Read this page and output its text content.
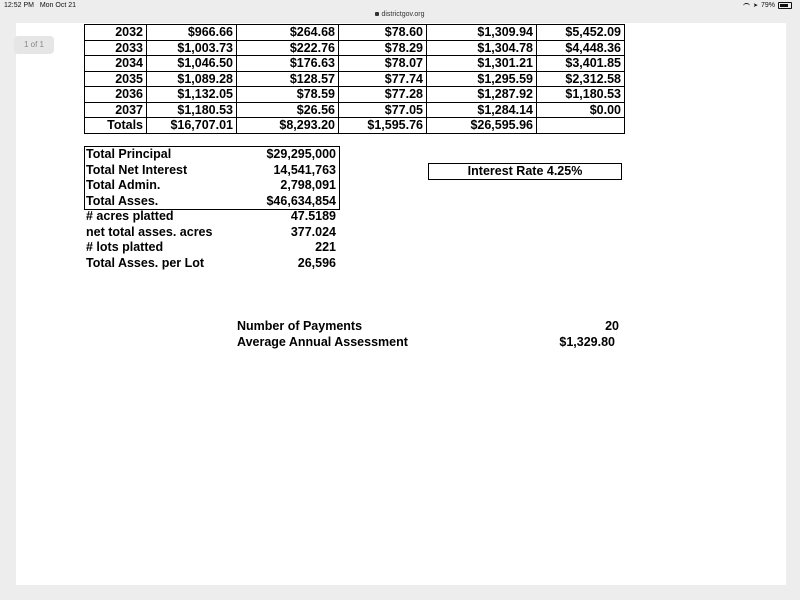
12:52 PM Mon Oct 21	➤ 79%
districtgov.org
1 of 1
2032	$966.66	$264.68	$78.60	$1,309.94	$5,452.09
2033	$1,003.73	$222.76	$78.29	$1,304.78	$4,448.36
2034	$1,046.50	$176.63	$78.07	$1,301.21	$3,401.85
2035	$1,089.28	$128.57	$77.74	$1,295.59	$2,312.58
2036	$1,132.05	$78.59	$77.28	$1,287.92	$1,180.53
2037	$1,180.53	$26.56	$77.05	$1,284.14	$0.00
Totals	$16,707.01	$8,293.20	$1,595.76	$26,595.96	
Total Principal	$29,295,000
Total Net Interest	14,541,763
Total Admin.	2,798,091
Total Asses.	$46,634,854
# acres platted	47.5189
net total asses. acres	377.024
# lots platted	221
Total Asses. per Lot	26,596
Interest Rate 4.25%
Number of Payments	20
Average Annual Assessment	$1,329.80
